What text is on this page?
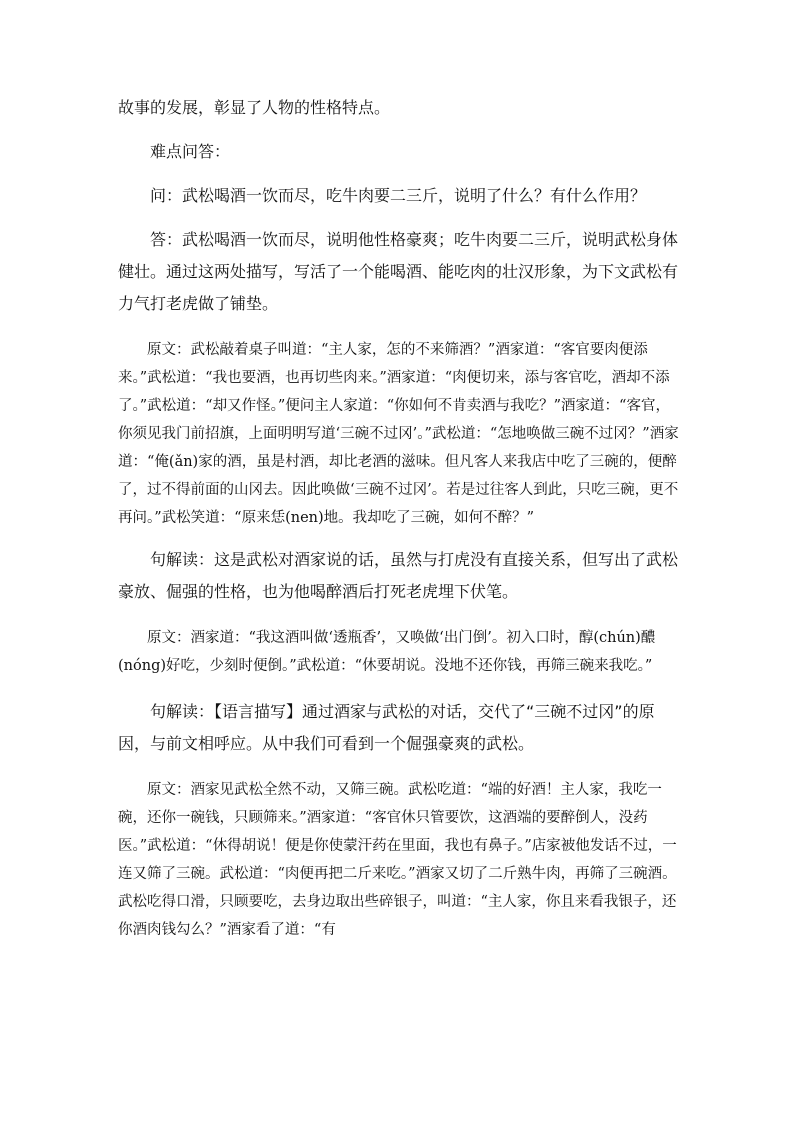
故事的发展，彰显了人物的性格特点。

难点问答：

问：武松喝酒一饮而尽，吃牛肉要二三斤，说明了什么？有什么作用？

答：武松喝酒一饮而尽，说明他性格豪爽；吃牛肉要二三斤，说明武松身体健壮。通过这两处描写，写活了一个能喝酒、能吃肉的壮汉形象，为下文武松有力气打老虎做了铺垫。

原文：武松敲着桌子叫道：“主人家，怎的不来筛酒？”酒家道：“客官要肉便添来。”武松道：“我也要酒，也再切些肉来。”酒家道：“肉便切来，添与客官吃，酒却不添了。”武松道：“却又作怪。”便问主人家道：“你如何不肯卖酒与我吃？”酒家道：“客官，你须见我门前招旗，上面明明写道‘三碗不过冈’。”武松道：“怎地唤做三碗不过冈？”酒家道：“俺(ǎn)家的酒，虽是村酒，却比老酒的滋味。但凡客人来我店中吃了三碗的，便醉了，过不得前面的山冈去。因此唤做‘三碗不过冈’。若是过往客人到此，只吃三碗，更不再问。”武松笑道：“原来恁(nen)地。我却吃了三碗，如何不醉？”

句解读：这是武松对酒家说的话，虽然与打虎没有直接关系，但写出了武松豪放、倔强的性格，也为他喝醉酒后打死老虎埋下伏笔。

原文：酒家道：“我这酒叫做‘透瓶香’，又唤做‘出门倒’。初入口时，醇(chún)醲(nóng)好吃，少刻时便倒。”武松道：“休要胡说。没地不还你钱，再筛三碗来我吃。”

句解读：【语言描写】通过酒家与武松的对话，交代了“三碗不过冈”的原因，与前文相呼应。从中我们可看到一个倔强豪爽的武松。

原文：酒家见武松全然不动，又筛三碗。武松吃道：“端的好酒！主人家，我吃一碗，还你一碗钱，只顾筛来。”酒家道：“客官休只管要饮，这酒端的要醉倒人，没药医。”武松道：“休得胡说！便是你使蒙汗药在里面，我也有鼻子。”店家被他发话不过，一连又筛了三碗。武松道：“肉便再把二斤来吃。”酒家又切了二斤熟牛肉，再筛了三碗酒。武松吃得口滑，只顾要吃，去身边取出些碎银子，叫道：“主人家，你且来看我银子，还你酒肉钱勾么？”酒家看了道：“有
